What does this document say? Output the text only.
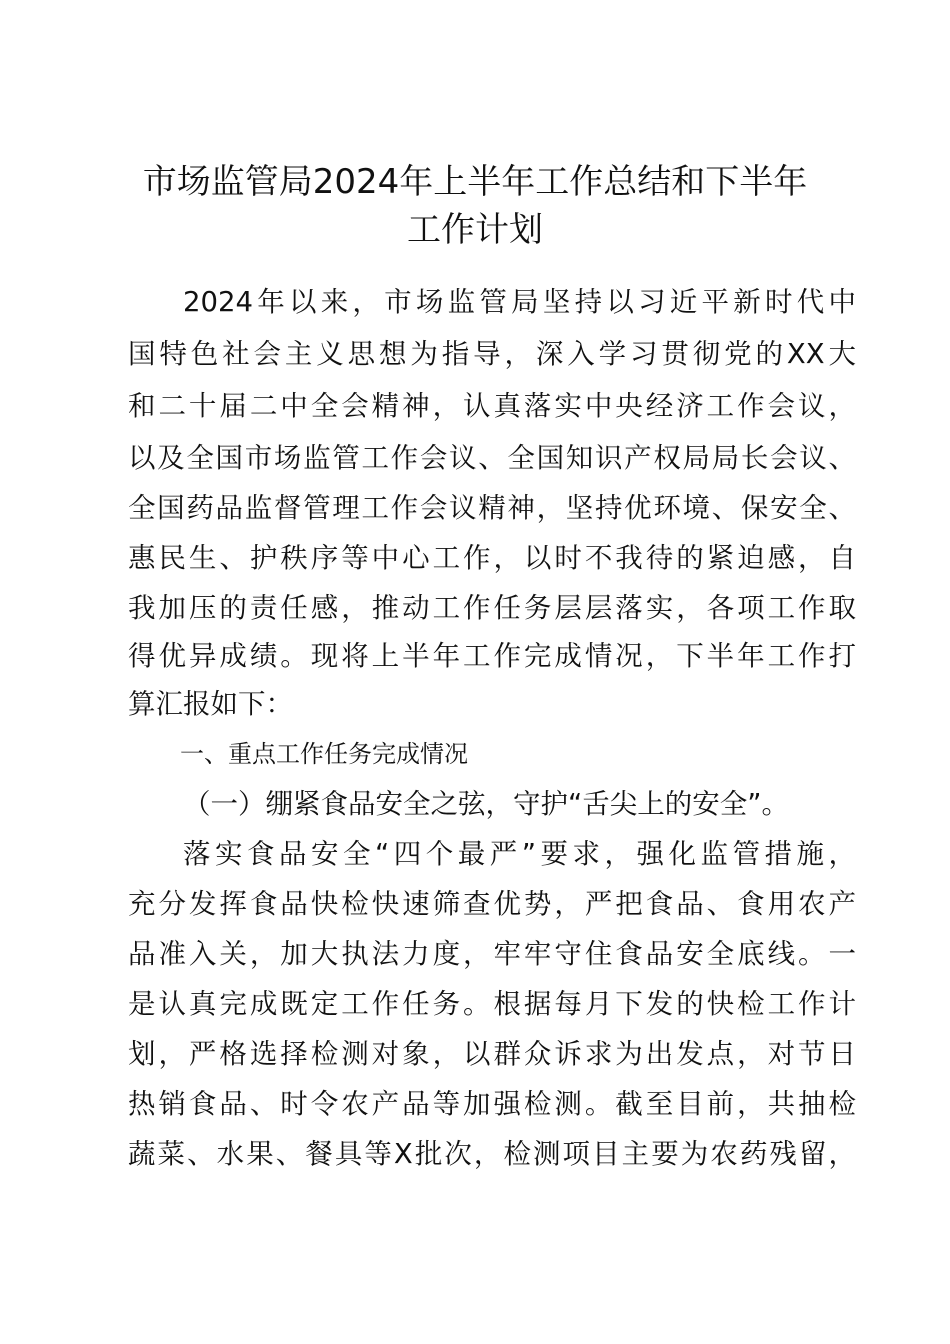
市场监管局2024年上半年工作总结和下半年
工作计划
2024年以来，市场监管局坚持以习近平新时代中
国特色社会主义思想为指导，深入学习贯彻党的XX大
和二十届二中全会精神，认真落实中央经济工作会议，
以及全国市场监管工作会议、全国知识产权局局长会议、
全国药品监督管理工作会议精神，坚持优环境、保安全、
惠民生、护秩序等中心工作，以时不我待的紧迫感，自
我加压的责任感，推动工作任务层层落实，各项工作取
得优异成绩。现将上半年工作完成情况，下半年工作打
算汇报如下：
一、重点工作任务完成情况
（一）绷紧食品安全之弦，守护“舌尖上的安全”。
落实食品安全“四个最严”要求，强化监管措施，
充分发挥食品快检快速筛查优势，严把食品、食用农产
品准入关，加大执法力度，牢牢守住食品安全底线。一
是认真完成既定工作任务。根据每月下发的快检工作计
划，严格选择检测对象，以群众诉求为出发点，对节日
热销食品、时令农产品等加强检测。截至目前，共抽检
蔬菜、水果、餐具等X批次，检测项目主要为农药残留，
